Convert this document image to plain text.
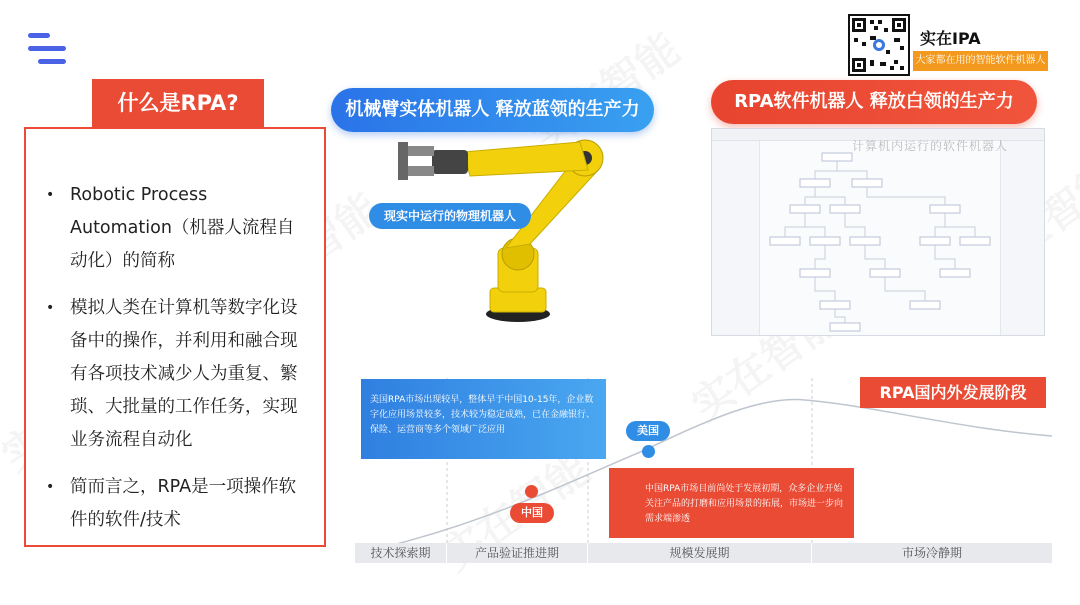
实在IPA
大家都在用的智能软件机器人
什么是RPA?
• Robotic Process Automation（机器人流程自动化）的简称
• 模拟人类在计算机等数字化设备中的操作，并利用和融合现有各项技术减少人为重复、繁琐、大批量的工作任务，实现业务流程自动化
• 简而言之，RPA是一项操作软件的软件/技术
机械臂实体机器人 释放蓝领的生产力
现实中运行的物理机器人
RPA软件机器人 释放白领的生产力
计算机内运行的软件机器人
RPA国内外发展阶段
美国RPA市场出现较早，整体早于中国10-15年，企业数字化应用场景较多，技术较为稳定成熟，已在金融银行、保险、运营商等多个领域广泛应用
中国RPA市场目前尚处于发展初期，众多企业开始关注产品的打磨和应用场景的拓展，市场进一步向需求端渗透
美国
中国
技术探索期	产品验证推进期	规模发展期	市场冷静期
